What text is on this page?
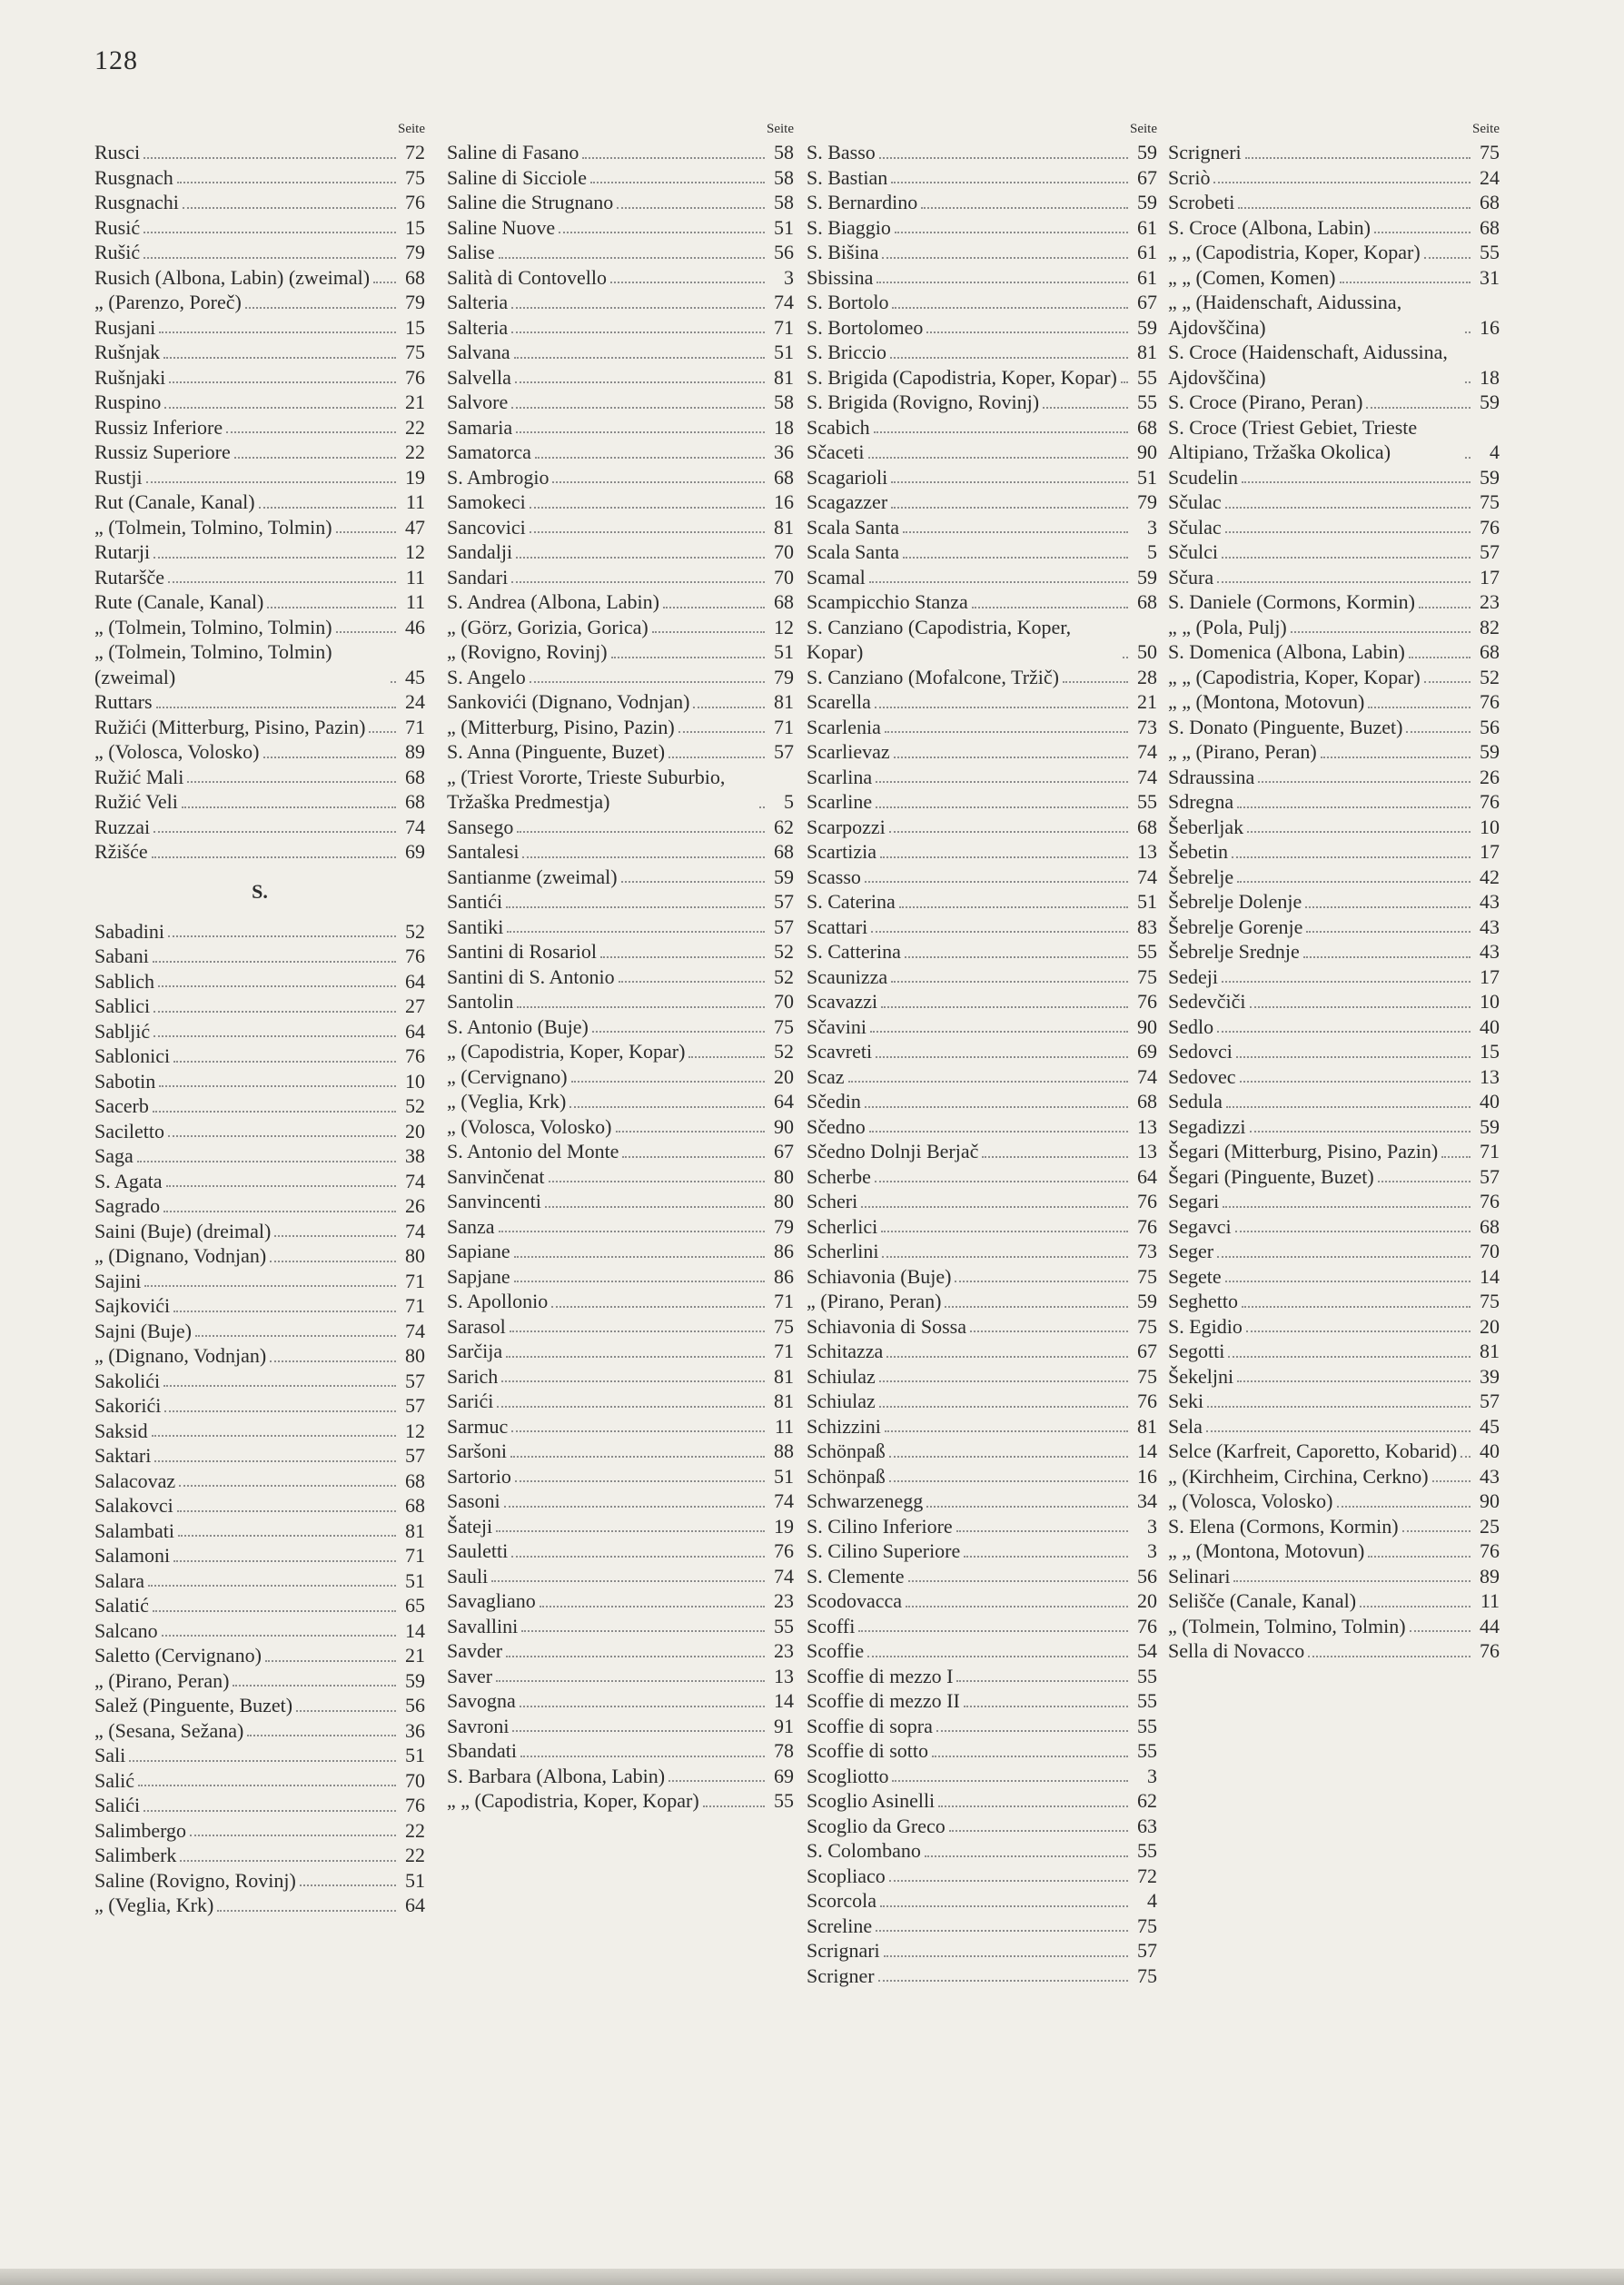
128
Seite
Rusci	72
Rusgnach	75
Rusgnachi	76
Rusić	15
Rušić	79
Rusich (Albona, Labin) (zweimal) 68
„ (Parenzo, Poreč)	79
Rusjani	15
Rušnjak	75
Rušnjaki	76
Ruspino	21
Russiz Inferiore	22
Russiz Superiore	22
Rustji	19
Rut (Canale, Kanal)	11
„ (Tolmein, Tolmino, Tolmin)	47
Rutarji	12
Rutaršče	11
Rute (Canale, Kanal)	11
„ (Tolmein, Tolmino, Tolmin)	46
„ (Tolmein, Tolmino, Tolmin) (zweimal)	45
Ruttars	24
Ružići (Mitterburg, Pisino, Pazin) 71
„ (Volosca, Volosko)	89
Ružić Mali	68
Ružić Veli	68
Ruzzai	74
Ržišće	69
S.
Sabadini	52
Sabani	76
Sablich	64
Sablici	27
Sabljić	64
Sablonici	76
Sabotin	10
Sacerb	52
Saciletto	20
Saga	38
S. Agata	74
Sagrado	26
Saini (Buje) (dreimal)	74
„ (Dignano, Vodnjan)	80
Sajini	71
Sajkovići	71
Sajni (Buje)	74
„ (Dignano, Vodnjan)	80
Sakolići	57
Sakorići	57
Saksid	12
Saktari	57
Salacovaz	68
Salakovci	68
Salambati	81
Salamoni	71
Salara	51
Salatić	65
Salcano	14
Saletto (Cervignano)	21
„ (Pirano, Peran)	59
Salež (Pinguente, Buzet)	56
„ (Sesana, Sežana)	36
Sali	51
Salić	70
Salići	76
Salimbergo	22
Salimberk	22
Saline (Rovigno, Rovinj)	51
„ (Veglia, Krk)	64
Seite
Saline di Fasano	58
Saline di Sicciole	58
Saline die Strugnano	58
Saline Nuove	51
Salise	56
Salità di Contovello	3
Salteria	74
Salteria	71
Salvana	51
Salvella	81
Salvore	58
Samaria	18
Samatorca	36
S. Ambrogio	68
Samokeci	16
Sancovici	81
Sandalji	70
Sandari	70
S. Andrea (Albona, Labin)	68
„ (Görz, Gorizia, Gorica)	12
„ (Rovigno, Rovinj)	51
S. Angelo	79
Sankovići (Dignano, Vodnjan)	81
„ (Mitterburg, Pisino, Pazin)	71
S. Anna (Pinguente, Buzet)	57
„ (Triest Vororte, Trieste Suburbio, Tržaška Predmestja)	5
Sansego	62
Santalesi	68
Santianme (zweimal)	59
Santići	57
Santiki	57
Santini di Rosariol	52
Santini di S. Antonio	52
Santolin	70
S. Antonio (Buje)	75
„ (Capodistria, Koper, Kopar)	52
„ (Cervignano)	20
„ (Veglia, Krk)	64
„ (Volosca, Volosko)	90
S. Antonio del Monte	67
Sanvinčenat	80
Sanvincenti	80
Sanza	79
Sapiane	86
Sapjane	86
S. Apollonio	71
Sarasol	75
Sarčija	71
Sarich	81
Sarići	81
Sarmuc	11
Saršoni	88
Sartorio	51
Sasoni	74
Šateji	19
Sauletti	76
Sauli	74
Savagliano	23
Savallini	55
Savder	23
Saver	13
Savogna	14
Savroni	91
Sbandati	78
S. Barbara (Albona, Labin)	69
„ „ (Capodistria, Koper, Kopar)	55
Seite
S. Basso	59
S. Bastian	67
S. Bernardino	59
S. Biaggio	61
S. Bišina	61
Sbissina	61
S. Bortolo	67
S. Bortolomeo	59
S. Briccio	81
S. Brigida (Capodistria, Koper, Kopar) 55
S. Brigida (Rovigno, Rovinj)	55
Scabich	68
Sčaceti	90
Scagarioli	51
Scagazzer	79
Scala Santa	3
Scala Santa	5
Scamal	59
Scampicchio Stanza	68
S. Canziano (Capodistria, Koper, Kopar)	50
S. Canziano (Mofalcone, Tržič)	28
Scarella	21
Scarlenia	73
Scarlievaz	74
Scarlina	74
Scarline	55
Scarpozzi	68
Scartizia	13
Scasso	74
S. Caterina	51
Scattari	83
S. Catterina	55
Scaunizza	75
Scavazzi	76
Sčavini	90
Scavreti	69
Scaz	74
Sčedin	68
Sčedno	13
Sčedno Dolnji Berjač	13
Scherbe	64
Scheri	76
Scherlici	76
Scherlini	73
Schiavonia (Buje)	75
„ (Pirano, Peran)	59
Schiavonia di Sossa	75
Schitazza	67
Schiulaz	75
Schiulaz	76
Schizzini	81
Schönpaß	14
Schönpaß	16
Schwarzenegg	34
S. Cilino Inferiore	3
S. Cilino Superiore	3
S. Clemente	56
Scodovacca	20
Scoffi	76
Scoffie	54
Scoffie di mezzo I	55
Scoffie di mezzo II	55
Scoffie di sopra	55
Scoffie di sotto	55
Scogliotto	3
Scoglio Asinelli	62
Scoglio da Greco	63
S. Colombano	55
Scopliaco	72
Scorcola	4
Screline	75
Scrignari	57
Scrigner	75
Seite
Scrigneri	75
Scriò	24
Scrobeti	68
S. Croce (Albona, Labin)	68
„ „ (Capodistria, Koper, Kopar)	55
„ „ (Comen, Komen)	31
„ „ (Haidenschaft, Aidussina, Ajdovščina)	16
S. Croce (Haidenschaft, Aidussina, Ajdovščina)	18
S. Croce (Pirano, Peran)	59
S. Croce (Triest Gebiet, Trieste Altipiano, Tržaška Okolica)	4
Scudelin	59
Sčulac	75
Sčulac	76
Sčulci	57
Sčura	17
S. Daniele (Cormons, Kormin)	23
„ „ (Pola, Pulj)	82
S. Domenica (Albona, Labin)	68
„ „ (Capodistria, Koper, Kopar)	52
„ „ (Montona, Motovun)	76
S. Donato (Pinguente, Buzet)	56
„ „ (Pirano, Peran)	59
Sdraussina	26
Sdregna	76
Šeberljak	10
Šebetin	17
Šebrelje	42
Šebrelje Dolenje	43
Šebrelje Gorenje	43
Šebrelje Srednje	43
Sedeji	17
Sedevčiči	10
Sedlo	40
Sedovci	15
Sedovec	13
Sedula	40
Segadizzi	59
Šegari (Mitterburg, Pisino, Pazin) 71
Šegari (Pinguente, Buzet)	57
Segari	76
Segavci	68
Seger	70
Segete	14
Seghetto	75
S. Egidio	20
Segotti	81
Šekeljni	39
Seki	57
Sela	45
Selce (Karfreit, Caporetto, Kobarid) 40
„ (Kirchheim, Circhina, Cerkno)	43
„ (Volosca, Volosko)	90
S. Elena (Cormons, Kormin)	25
„ „ (Montona, Motovun)	76
Selinari	89
Selišče (Canale, Kanal)	11
„ (Tolmein, Tolmino, Tolmin)	44
Sella di Novacco	76
